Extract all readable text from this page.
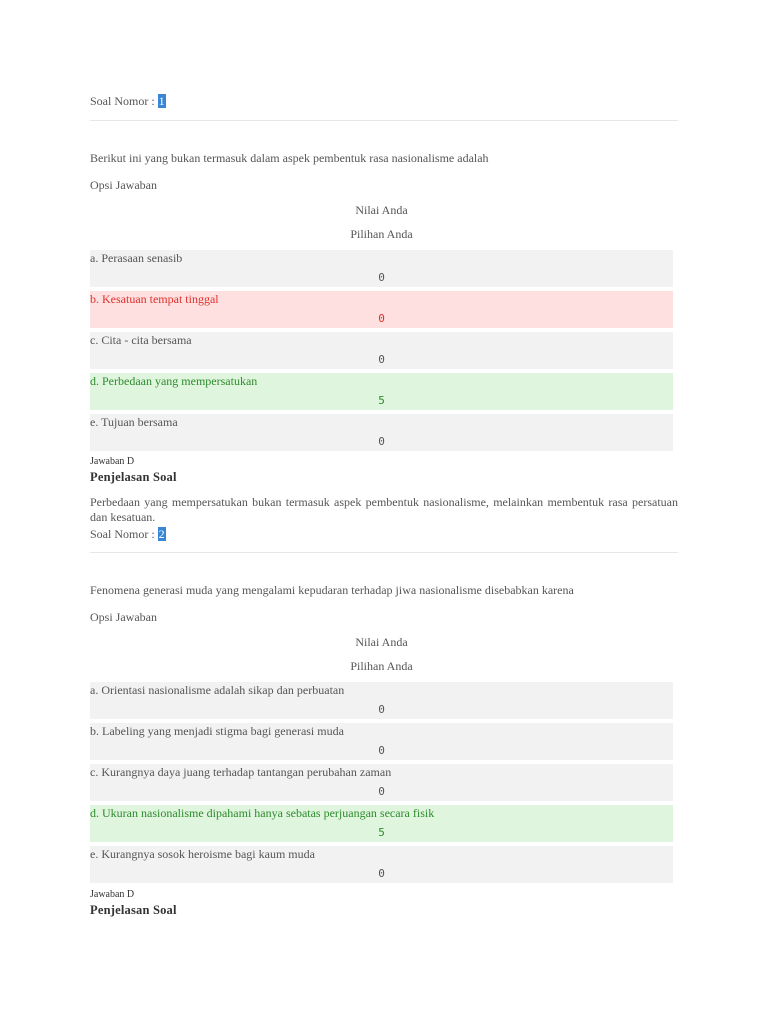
Soal Nomor : 1
Berikut ini yang bukan termasuk dalam aspek pembentuk rasa nasionalisme adalah
Opsi Jawaban
Nilai Anda
Pilihan Anda
a. Perasaan senasib
0
b. Kesatuan tempat tinggal
0
c. Cita - cita bersama
0
d. Perbedaan yang mempersatukan
5
e. Tujuan bersama
0
Jawaban D
Penjelasan Soal
Perbedaan yang mempersatukan bukan termasuk aspek pembentuk nasionalisme, melainkan membentuk rasa persatuan dan kesatuan.
Soal Nomor : 2
Fenomena generasi muda yang mengalami kepudaran terhadap jiwa nasionalisme disebabkan karena
Opsi Jawaban
Nilai Anda
Pilihan Anda
a. Orientasi nasionalisme adalah sikap dan perbuatan
0
b. Labeling yang menjadi stigma bagi generasi muda
0
c. Kurangnya daya juang terhadap tantangan perubahan zaman
0
d. Ukuran nasionalisme dipahami hanya sebatas perjuangan secara fisik
5
e. Kurangnya sosok heroisme bagi kaum muda
0
Jawaban D
Penjelasan Soal
